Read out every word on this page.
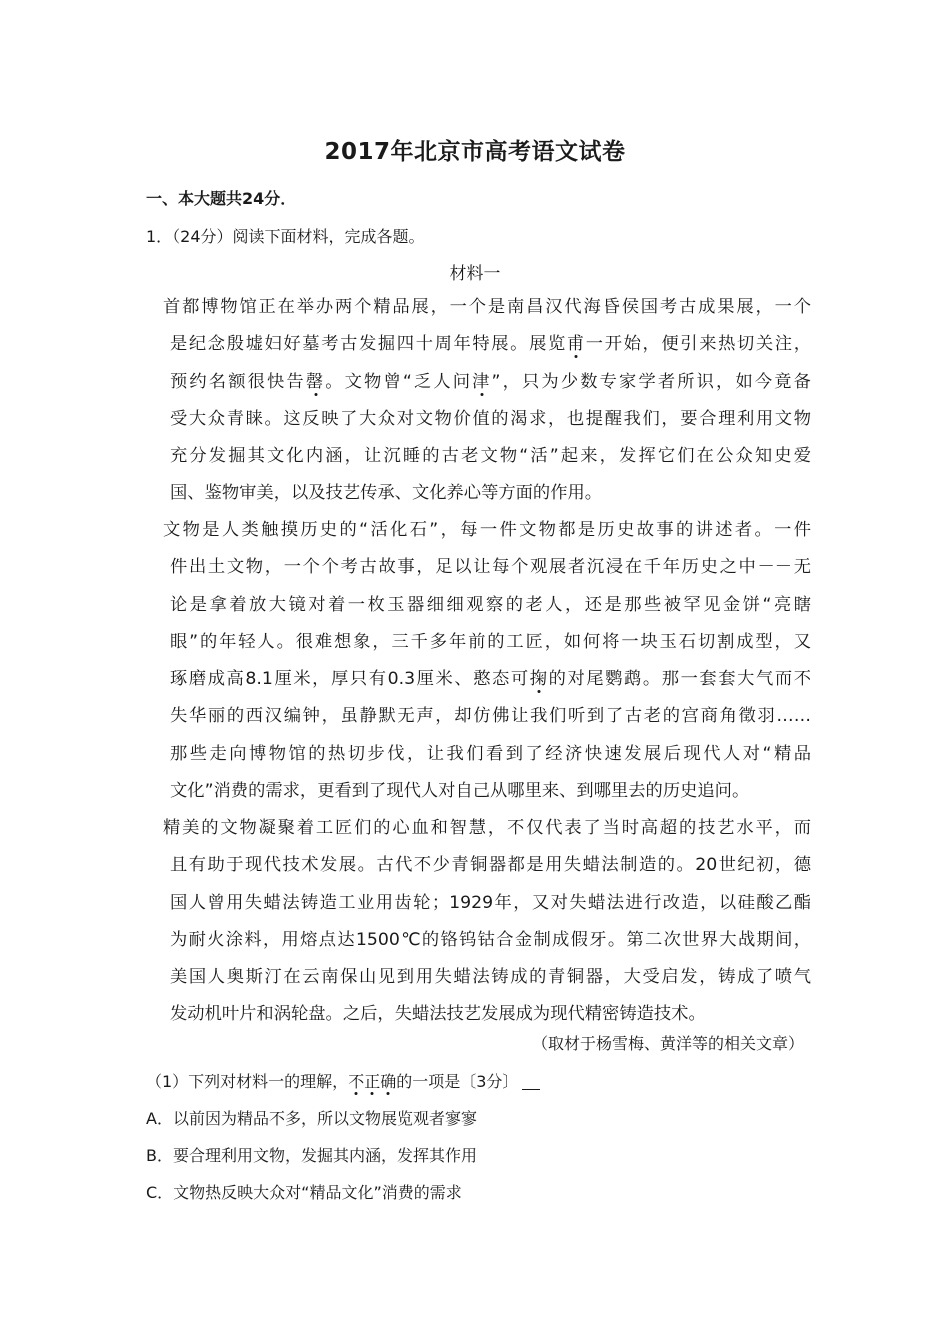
2017年北京市高考语文试卷
一、本大题共24分．
1．（24分）阅读下面材料，完成各题。
材料一
首都博物馆正在举办两个精品展，一个是南昌汉代海昏侯国考古成果展，一个
是纪念殷墟妇好墓考古发掘四十周年特展。展览甫一开始，便引来热切关注，
预约名额很快告罄。文物曾“乏人问津”，只为少数专家学者所识，如今竟备
受大众青睐。这反映了大众对文物价值的渴求，也提醒我们，要合理利用文物
充分发掘其文化内涵，让沉睡的古老文物“活”起来，发挥它们在公众知史爱
国、鉴物审美，以及技艺传承、文化养心等方面的作用。
文物是人类触摸历史的“活化石”，每一件文物都是历史故事的讲述者。一件
件出土文物，一个个考古故事，足以让每个观展者沉浸在千年历史之中－－无
论是拿着放大镜对着一枚玉器细细观察的老人，还是那些被罕见金饼“亮瞎
眼”的年轻人。很难想象，三千多年前的工匠，如何将一块玉石切割成型，又
琢磨成高8.1厘米，厚只有0.3厘米、憨态可掬的对尾鹦鹉。那一套套大气而不
失华丽的西汉编钟，虽静默无声，却仿佛让我们听到了古老的宫商角徵羽……
那些走向博物馆的热切步伐，让我们看到了经济快速发展后现代人对“精品
文化”消费的需求，更看到了现代人对自己从哪里来、到哪里去的历史追问。
精美的文物凝聚着工匠们的心血和智慧，不仅代表了当时高超的技艺水平，而
且有助于现代技术发展。古代不少青铜器都是用失蜡法制造的。20世纪初，德
国人曾用失蜡法铸造工业用齿轮；1929年，又对失蜡法进行改造，以硅酸乙酯
为耐火涂料，用熔点达1500℃的铬钨钴合金制成假牙。第二次世界大战期间，
美国人奥斯汀在云南保山见到用失蜡法铸成的青铜器，大受启发，铸成了喷气
发动机叶片和涡轮盘。之后，失蜡法技艺发展成为现代精密铸造技术。
（取材于杨雪梅、黄洋等的相关文章）
（1）下列对材料一的理解，不正确的一项是〔3分〕
A．以前因为精品不多，所以文物展览观者寥寥
B．要合理利用文物，发掘其内涵，发挥其作用
C．文物热反映大众对“精品文化”消费的需求
